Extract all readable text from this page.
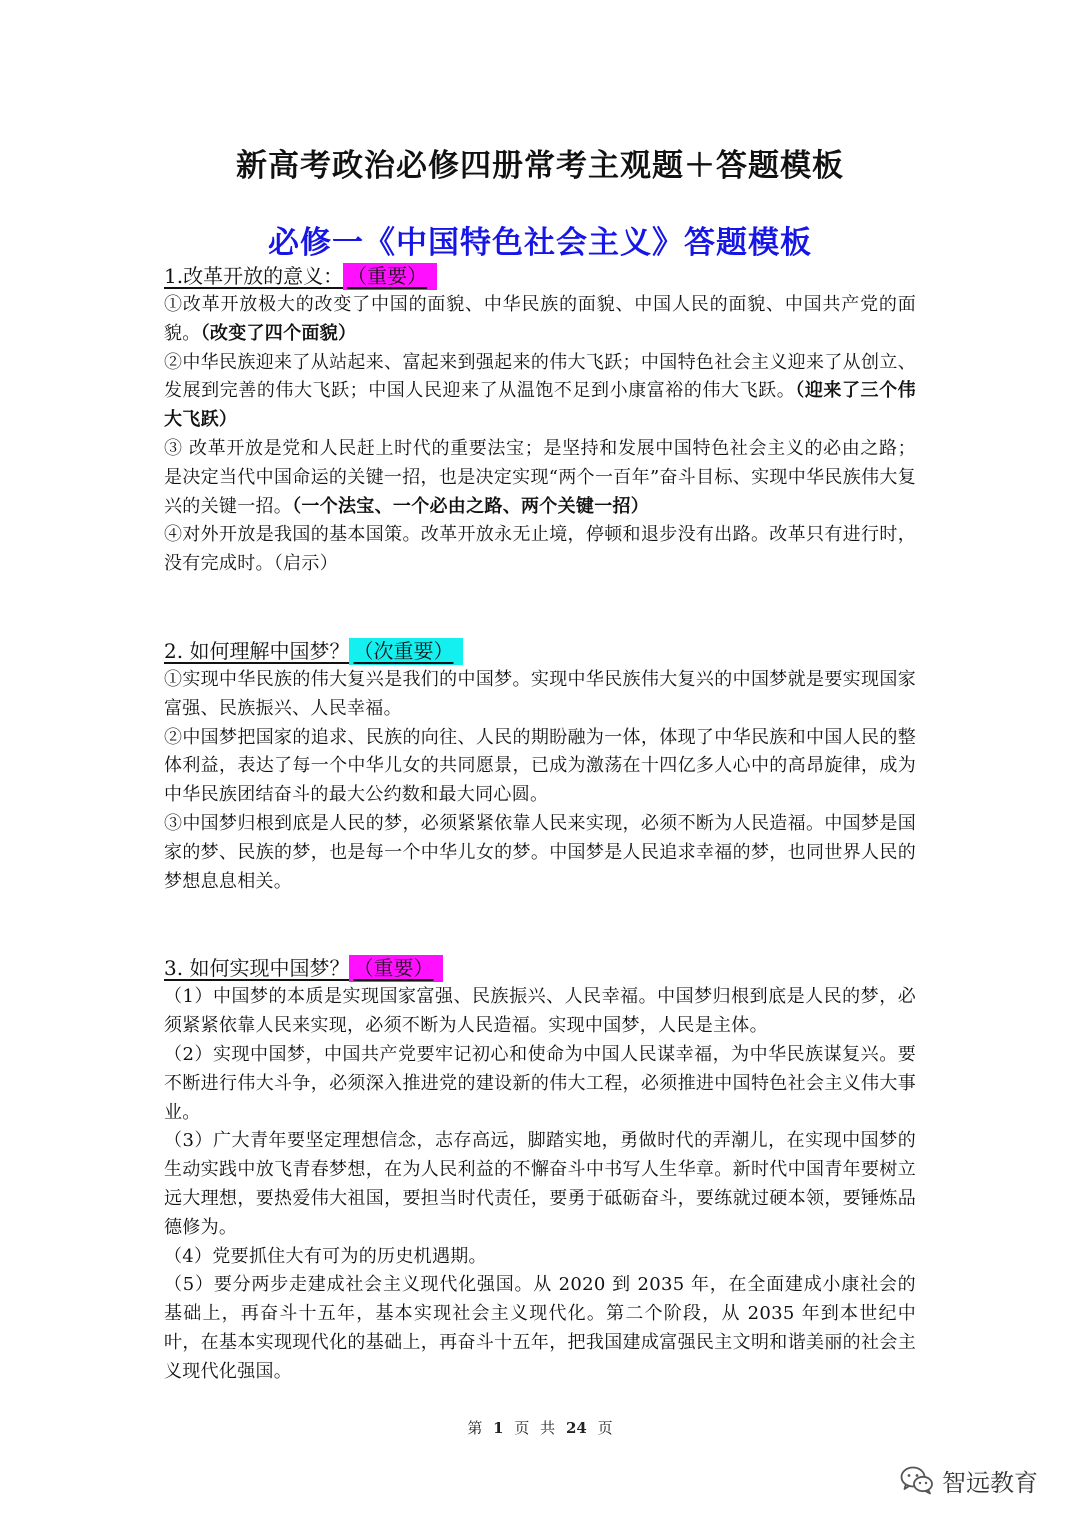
新高考政治必修四册常考主观题＋答题模板
必修一《中国特色社会主义》答题模板
1.改革开放的意义： （重要）

①改革开放极大的改变了中国的面貌、中华民族的面貌、中国人民的面貌、中国共产党的面貌。（改变了四个面貌）

②中华民族迎来了从站起来、富起来到强起来的伟大飞跃；中国特色社会主义迎来了从创立、发展到完善的伟大飞跃；中国人民迎来了从温饱不足到小康富裕的伟大飞跃。（迎来了三个伟大飞跃）

③ 改革开放是党和人民赶上时代的重要法宝；是坚持和发展中国特色社会主义的必由之路；是决定当代中国命运的关键一招，也是决定实现“两个一百年”奋斗目标、实现中华民族伟大复兴的关键一招。（一个法宝、一个必由之路、两个关键一招）

④对外开放是我国的基本国策。改革开放永无止境，停顿和退步没有出路。改革只有进行时，没有完成时。（启示）

2. 如何理解中国梦？ （次重要）

①实现中华民族的伟大复兴是我们的中国梦。实现中华民族伟大复兴的中国梦就是要实现国家富强、民族振兴、人民幸福。

②中国梦把国家的追求、民族的向往、人民的期盼融为一体，体现了中华民族和中国人民的整体利益，表达了每一个中华儿女的共同愿景，已成为激荡在十四亿多人心中的高昂旋律，成为中华民族团结奋斗的最大公约数和最大同心圆。

③中国梦归根到底是人民的梦，必须紧紧依靠人民来实现，必须不断为人民造福。中国梦是国家的梦、民族的梦，也是每一个中华儿女的梦。中国梦是人民追求幸福的梦，也同世界人民的梦想息息相关。

3. 如何实现中国梦？ （重要）

（1）中国梦的本质是实现国家富强、民族振兴、人民幸福。中国梦归根到底是人民的梦，必须紧紧依靠人民来实现，必须不断为人民造福。实现中国梦，人民是主体。

（2）实现中国梦，中国共产党要牢记初心和使命为中国人民谋幸福，为中华民族谋复兴。要不断进行伟大斗争，必须深入推进党的建设新的伟大工程，必须推进中国特色社会主义伟大事业。

（3）广大青年要坚定理想信念，志存高远，脚踏实地，勇做时代的弄潮儿，在实现中国梦的生动实践中放飞青春梦想，在为人民利益的不懈奋斗中书写人生华章。新时代中国青年要树立远大理想，要热爱伟大祖国，要担当时代责任，要勇于砥砺奋斗，要练就过硬本领，要锤炼品德修为。

（4）党要抓住大有可为的历史机遇期。

（5）要分两步走建成社会主义现代化强国。从 2020 到 2035 年，在全面建成小康社会的基础上，再奋斗十五年，基本实现社会主义现代化。第二个阶段，从 2035 年到本世纪中叶，在基本实现现代化的基础上，再奋斗十五年，把我国建成富强民主文明和谐美丽的社会主义现代化强国。

第 1 页 共 24 页
智远教育
